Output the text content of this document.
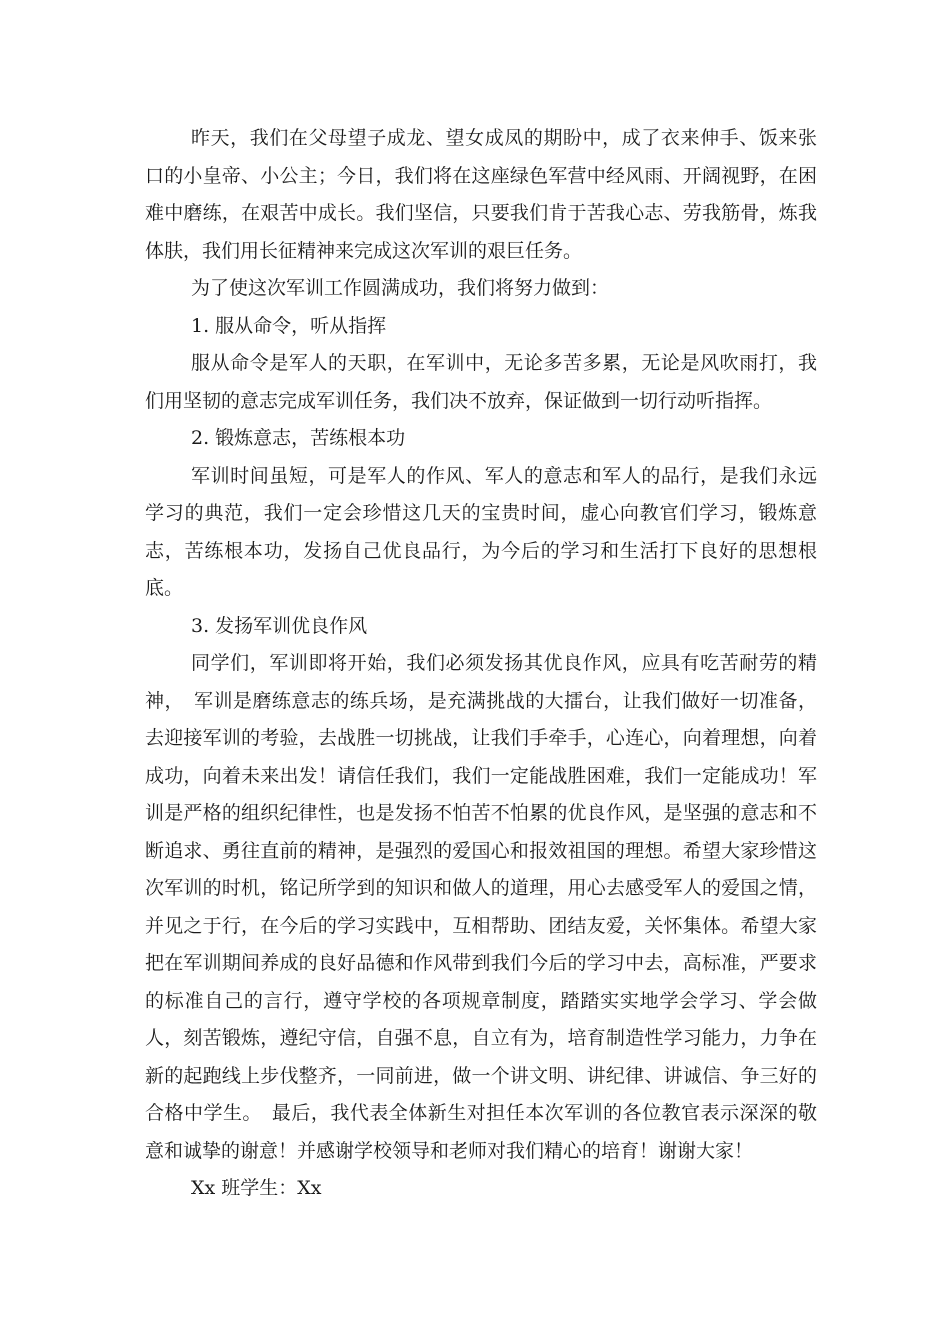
昨天，我们在父母望子成龙、望女成凤的期盼中，成了衣来伸手、饭来张口的小皇帝、小公主；今日，我们将在这座绿色军营中经风雨、开阔视野，在困难中磨练，在艰苦中成长。我们坚信，只要我们肯于苦我心志、劳我筋骨，炼我体肤，我们用长征精神来完成这次军训的艰巨任务。

为了使这次军训工作圆满成功，我们将努力做到：

1. 服从命令，听从指挥

服从命令是军人的天职，在军训中，无论多苦多累，无论是风吹雨打，我们用坚韧的意志完成军训任务，我们决不放弃，保证做到一切行动听指挥。

2. 锻炼意志，苦练根本功

军训时间虽短，可是军人的作风、军人的意志和军人的品行，是我们永远学习的典范，我们一定会珍惜这几天的宝贵时间，虚心向教官们学习，锻炼意志，苦练根本功，发扬自己优良品行，为今后的学习和生活打下良好的思想根底。

3. 发扬军训优良作风

同学们，军训即将开始，我们必须发扬其优良作风，应具有吃苦耐劳的精神，　军训是磨练意志的练兵场，是充满挑战的大擂台，让我们做好一切准备，去迎接军训的考验，去战胜一切挑战，让我们手牵手，心连心，向着理想，向着成功，向着未来出发！请信任我们，我们一定能战胜困难，我们一定能成功！军训是严格的组织纪律性，也是发扬不怕苦不怕累的优良作风，是坚强的意志和不断追求、勇往直前的精神，是强烈的爱国心和报效祖国的理想。希望大家珍惜这次军训的时机，铭记所学到的知识和做人的道理，用心去感受军人的爱国之情，并见之于行，在今后的学习实践中，互相帮助、团结友爱，关怀集体。希望大家把在军训期间养成的良好品德和作风带到我们今后的学习中去，高标准，严要求的标准自己的言行，遵守学校的各项规章制度，踏踏实实地学会学习、学会做人，刻苦锻炼，遵纪守信，自强不息，自立有为，培育制造性学习能力，力争在新的起跑线上步伐整齐，一同前进，做一个讲文明、讲纪律、讲诚信、争三好的合格中学生。　最后，我代表全体新生对担任本次军训的各位教官表示深深的敬意和诚挚的谢意！并感谢学校领导和老师对我们精心的培育！谢谢大家！

Xx 班学生：Xx
